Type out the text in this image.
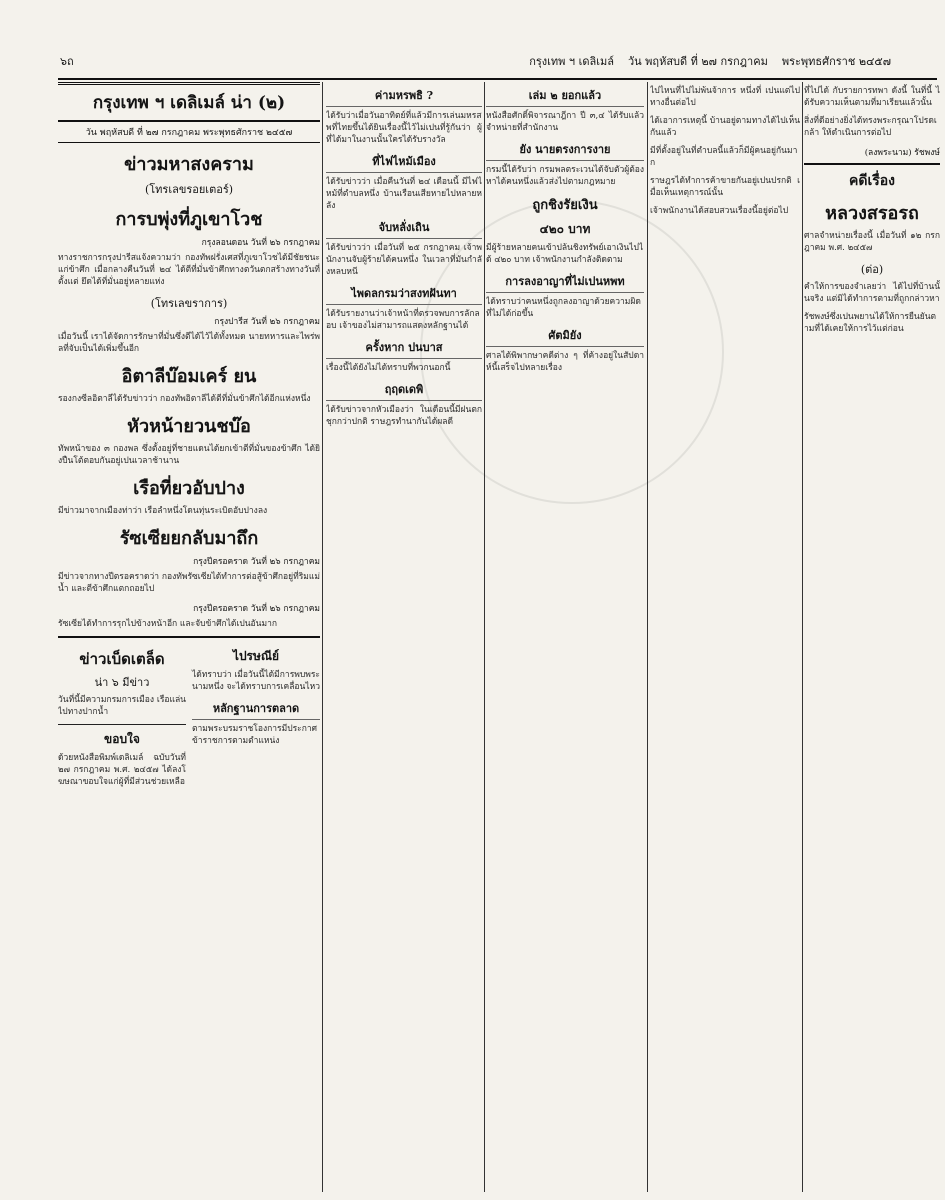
๖ถ	กรุงเทพ ฯ เดลิเมล์ วัน พฤหัสบดี ที่ ๒๗ กรกฎาคม พระพุทธศักราช ๒๔๕๗
กรุงเทพ ฯ เดลิเมล์ น่า (๒)
วัน พฤหัสบดี ที่ ๒๗ กรกฎาคม พระพุทธศักราช ๒๔๕๗
ข่าวมหาสงคราม
(โทรเลขรอยเตอร์)
การบพุ่งที่ภูเขาโวช
กรุงลอนดอน วันที่ ๒๖ กรกฎาคม
ทางราชการกรุงปารีสแจ้งความว่า กองทัพฝรั่งเศสที่ภูเขาโวชได้มีชัยชนะแก่ข้าศึก เมื่อกลางคืนวันที่ ๒๔ ได้ตีที่มั่นข้าศึกทางตวันตกสร้างทางวันที่ตั้งแต่ ยึดได้ที่มั่นอยู่หลายแห่ง
(โทรเลขราการ)
กรุงปารีส วันที่ ๒๖ กรกฎาคม
เมื่อวันนี้ เราได้จัดการรักษาที่มั่นซึ่งตีได้ไว้ได้ทั้งหมด นายทหารและไพร่พลที่จับเป็นได้เพิ่มขึ้นอีก
อิตาลีบ๊อมเคร์ ยน
รองกงซีลอิตาลีได้รับข่าวว่า กองทัพอิตาลีได้ตีที่มั่นข้าศึกได้อีกแห่งหนึ่ง
หัวหน้ายวนชบ๊อ
ทัพหน้าของ ๓ กองพล ซึ่งตั้งอยู่ที่ชายแดนได้ยกเข้าตีที่มั่นของข้าศึก ได้ยิงปืนโต้ตอบกันอยู่เปนเวลาช้านาน
เรือที่ยวอับปาง
มีข่าวมาจากเมืองท่าว่า เรือลำหนึ่งโดนทุ่นระเบิดอับปางลง
รัซเซียยกลับมาถึก
กรุงปีตรอคราด วันที่ ๒๖ กรกฎาคม
มีข่าวจากทางปีตรอคราดว่า กองทัพรัซเซียได้ทำการต่อสู้ข้าศึกอยู่ที่ริมแม่น้ำ และตีข้าศึกแตกถอยไป
กรุงปีตรอคราด วันที่ ๒๖ กรกฎาคม
รัซเซียได้ทำการรุกไปข้างหน้าอีก และจับข้าศึกได้เปนอันมาก
ข่าวเบ็ดเตล็ด
น่า ๖ มีข่าว
วันที่นี้มีความกรมการเมือง เรือแล่นไปทางปากน้ำ
ขอบใจ
ด้วยหนังสือพิมพ์เดลิเมล์ ฉบับวันที่ ๒๗ กรกฎาคม พ.ศ. ๒๔๕๗ ได้ลงโฆษณาขอบใจแก่ผู้ที่มีส่วนช่วยเหลือ
ไปรษณีย์
ได้ทราบว่า เมื่อวันนี้ได้มีการพบพระนามหนึ่ง จะได้ทราบการเคลื่อนไหว
หลักฐานการตลาด
ตามพระบรมราชโองการมีประกาศข้าราชการตามตำแหน่ง
ค่ามหรพธิ ?
ได้รับว่าเมื่อวันอาทิตย์ที่แล้วมีการเล่นมหรสพที่ไทยขึ้นได้ยินเรื่องนี้ไว้ไม่เปนที่รู้กันว่า ผู้ที่ได้มาในงานนั้นใครได้รับรางวัล
ที่ไฟไหม้เมือง
ได้รับข่าวว่า เมื่อคืนวันที่ ๒๔ เดือนนี้ มีไฟไหม้ที่ตำบลหนึ่ง บ้านเรือนเสียหายไปหลายหลัง
จับหลั่งเถิน
ได้รับข่าวว่า เมื่อวันที่ ๒๕ กรกฎาคม เจ้าพนักงานจับผู้ร้ายได้คนหนึ่ง ในเวลาที่มันกำลังหลบหนี
ไพดลกรมว่าสงทฝันทา
ได้รับรายงานว่าเจ้าหน้าที่ตรวจพบการลักลอบ เจ้าของไม่สามารถแสดงหลักฐานได้
ครั้งหาก ปนบาส
เรื่องนี้ได้ยังไม่ได้ทราบที่พวกนอกนี้
ฤฤดเดพิ
ได้รับข่าวจากหัวเมืองว่า ในเดือนนี้มีฝนตกชุกกว่าปกติ ราษฎรทำนากันได้ผลดี
เล่ม ๒ ยอกแล้ว
หนังสือศักดิ์พิจารณาฎีกา ปี ๓,๔ ได้รับแล้วจำหน่ายที่สำนักงาน
ยัง นายตรงการงาย
กรมนี้ได้รับว่า กรมพลตระเวนได้จับตัวผู้ต้องหาได้คนหนึ่งแล้วส่งไปตามกฎหมาย
ถูกชิงรัยเงิน
๔๒๐ บาท
มีผู้ร้ายหลายคนเข้าปล้นชิงทรัพย์เอาเงินไปได้ ๔๒๐ บาท เจ้าพนักงานกำลังติดตาม
การลงอาญาที่ไม่เปนหพท
ได้ทราบว่าคนหนึ่งถูกลงอาญาด้วยความผิดที่ไม่ได้ก่อขึ้น
ศัตมิยัง
ศาลได้พิพากษาคดีต่าง ๆ ที่ค้างอยู่ในสัปดาห์นี้เสร็จไปหลายเรื่อง
ไปไหนที่ไปไม่พ้นจ้าการ หนึ่งที่ เปนแต่ไปทางอื่นต่อไป
ได้เอาการเหตุนี้ บ้านอยู่ตามทางได้ไปเห็นกันแล้ว
มีที่ตั้งอยู่ในที่ตำบลนี้แล้วก็มีผู้คนอยู่กันมาก
ราษฎรได้ทำการค้าขายกันอยู่เปนปรกติ เมื่อเห็นเหตุการณ์นั้น
เจ้าพนักงานได้สอบสวนเรื่องนี้อยู่ต่อไป
ที่ไปได้ กับรายการทพา ดังนี้ ในที่นี้ ได้รับความเห็นตามที่มาเรียนแล้วนั้น
สิ่งที่ดีอย่างยิ่งได้ทรงพระกรุณาโปรดเกล้า ให้ดำเนินการต่อไป
(ลงพระนาม) รัชพงษ์
คดีเรื่อง
หลวงสรอรถ
ศาลจำหน่ายเรื่องนี้ เมื่อวันที่ ๑๒ กรกฎาคม พ.ศ. ๒๔๕๗
(ต่อ)
คำให้การของจำเลยว่า ได้ไปที่บ้านนั้นจริง แต่มิได้ทำการตามที่ถูกกล่าวหา
รัชพงษ์ซึ่งเปนพยานได้ให้การยืนยันตามที่ได้เคยให้การไว้แต่ก่อน
